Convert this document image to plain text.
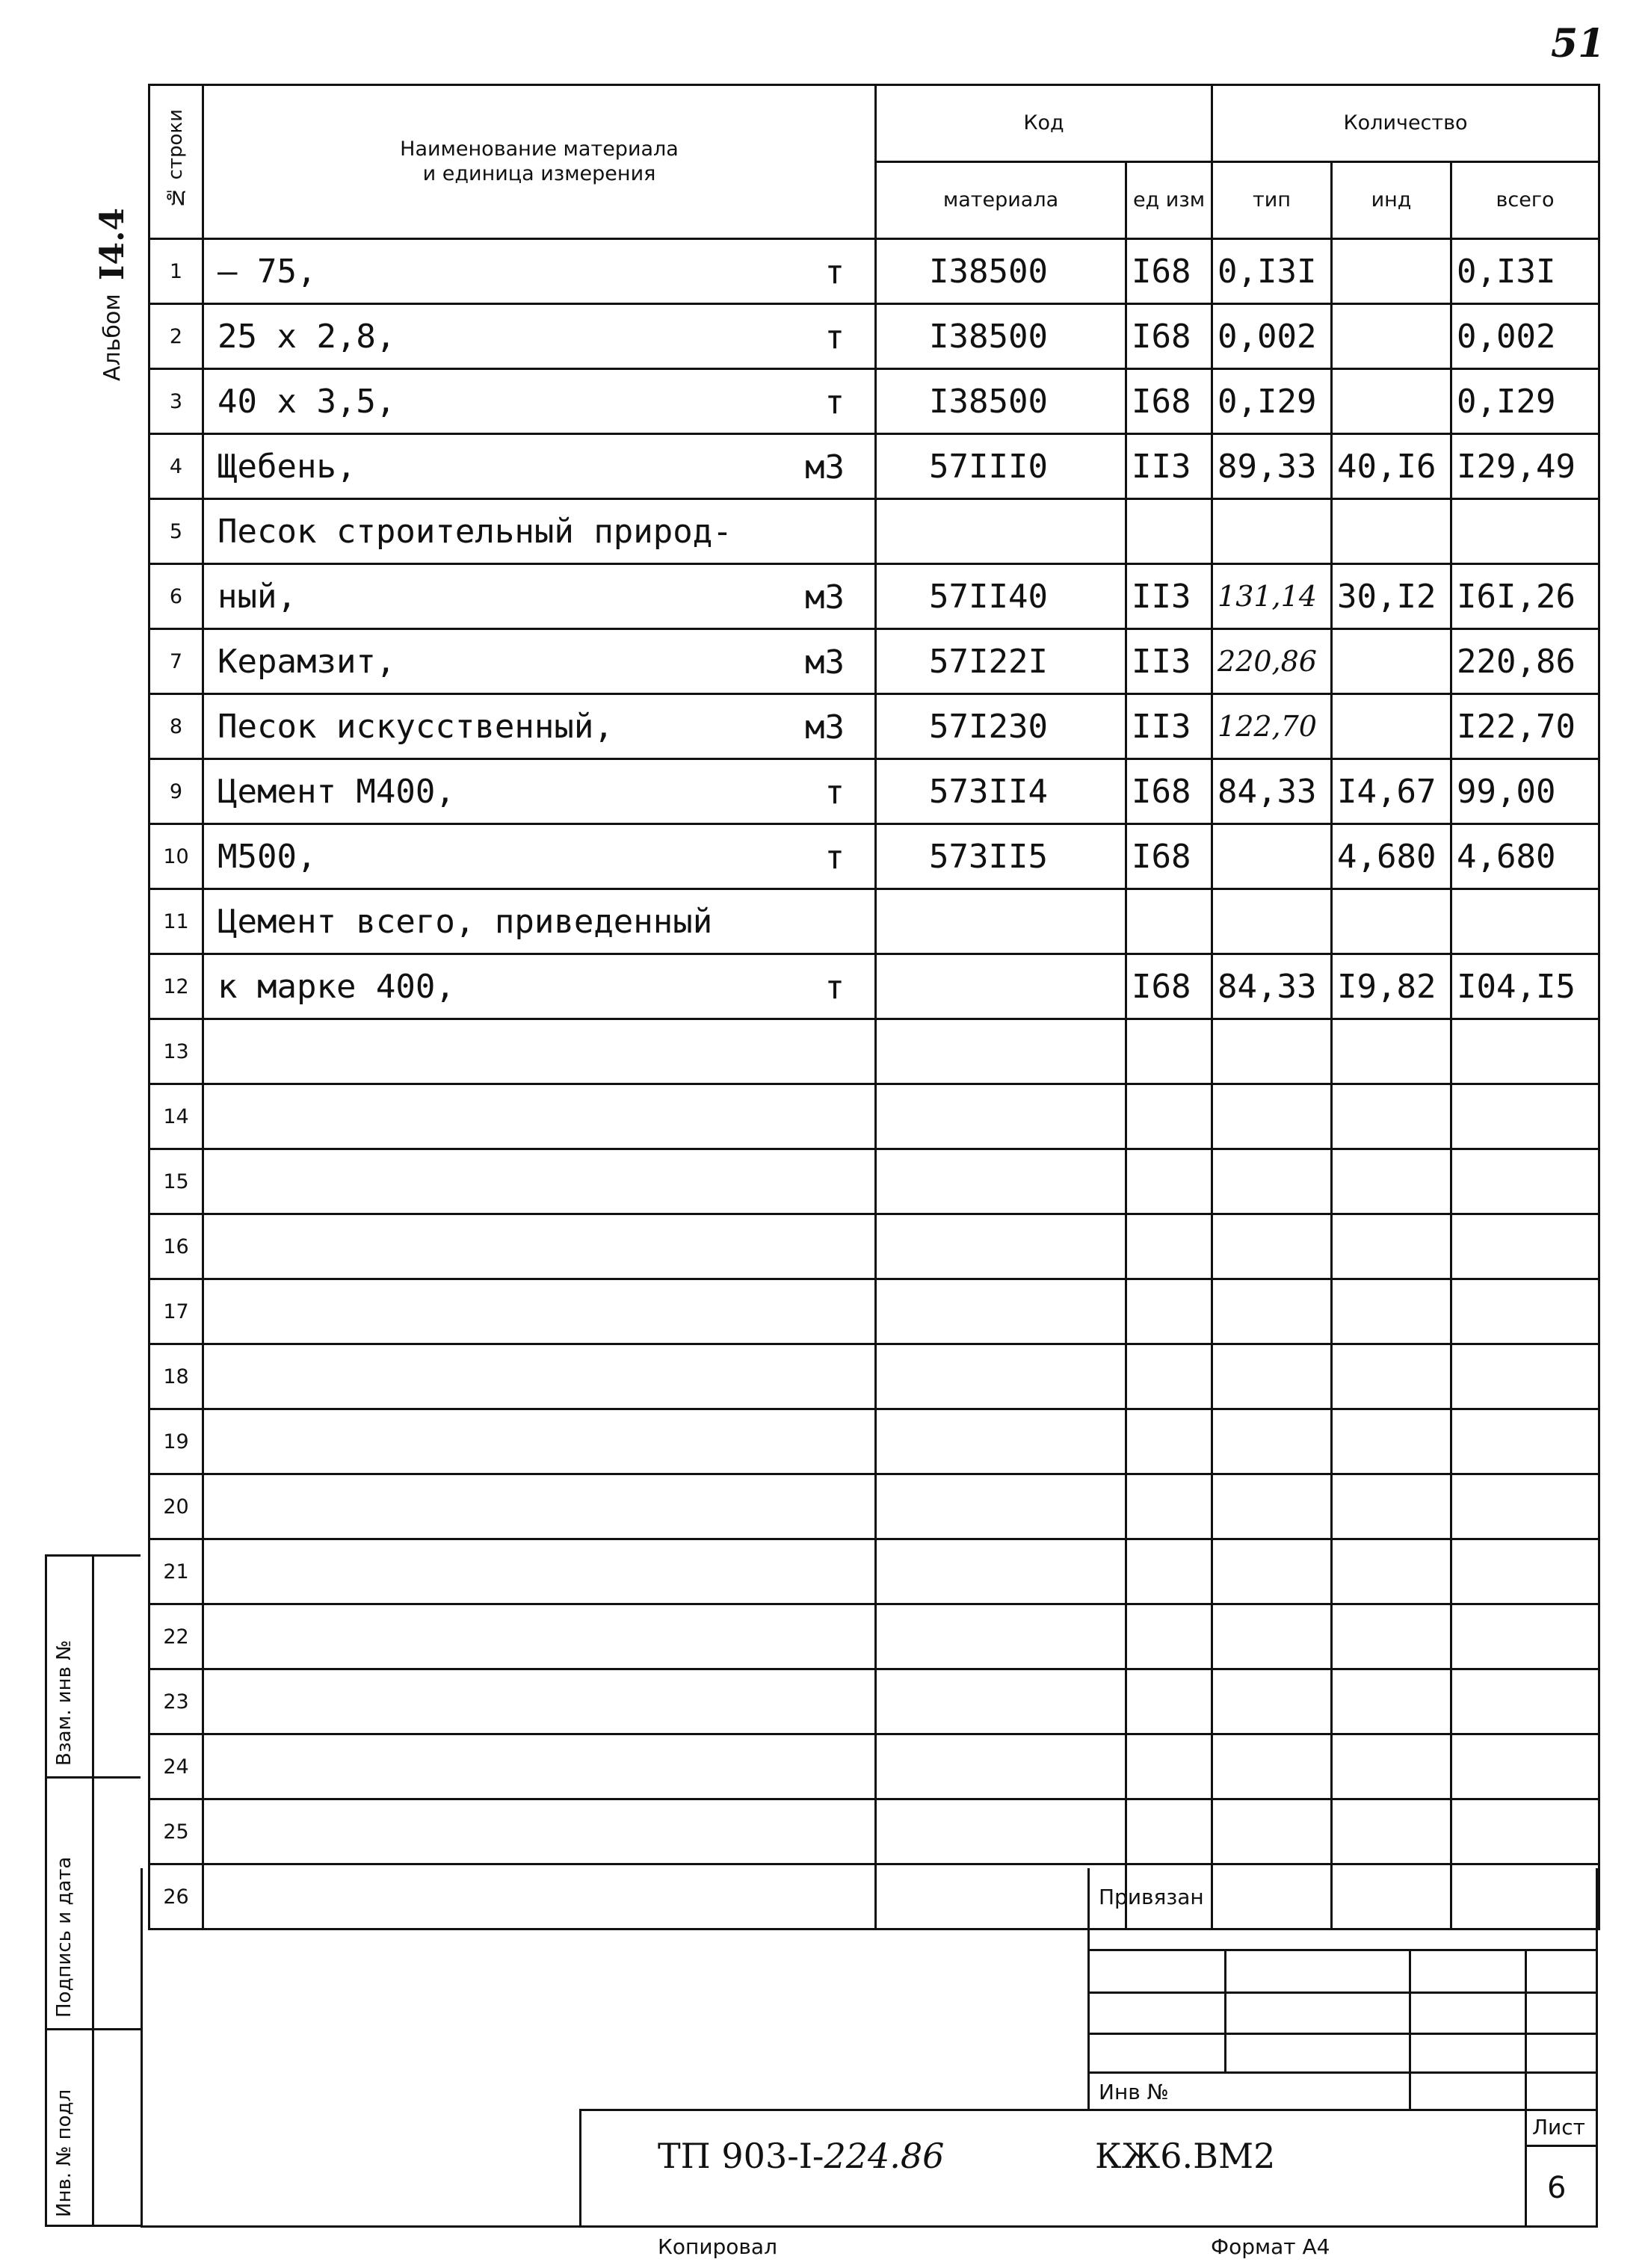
51
Альбом
I4.4
№ строки	Наименование материала
и единица измерения	Код		Количество		
		материала	ед изм	тип	инд	всего
1	– 75, т	I38500	I68	0,I3I		0,I3I
2	25 х 2,8, т	I38500	I68	0,002		0,002
3	40 х 3,5, т	I38500	I68	0,I29		0,I29
4	Щебень, м3	57III0	II3	89,33	40,I6	I29,49
5	Песок строительный природ-

6	ный, м3	57II40	II3	131,14	30,I2	I6I,26
7	Керамзит, м3	57I22I	II3	220,86		220,86
8	Песок искусственный, м3	57I230	II3	122,70		I22,70
9	Цемент М400, т	573II4	I68	84,33	I4,67	99,00
10	М500, т	573II5	I68		4,680	4,680
11	Цемент всего, приведенный

12	к марке 400, т		I68	84,33	I9,82	I04,I5
13	

14	

15	

16	

17	

18	

19	

20	

21	

22	

23	

24	

25	

26	

Взам. инв №
Подпись и дата
Инв. № подл
Привязан
Инв №
ТП 903-I-224.86	КЖ6.ВМ2
Лист
6
Копировал	Формат А4
